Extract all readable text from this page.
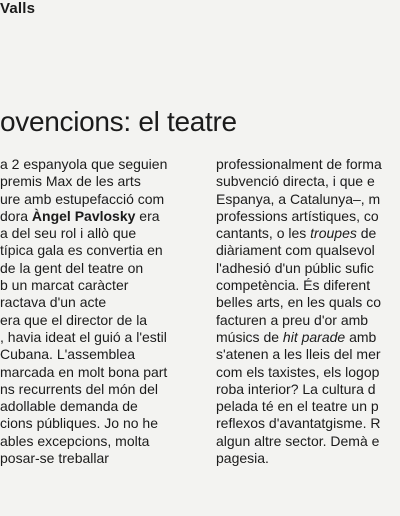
Valls
ovencions: el teatre
a 2 espanyola que seguien
premis Max de les arts
ure amb estupefacció com
dora Àngel Pavlosky era
a del seu rol i allò que
típica gala es convertia en
de la gent del teatre on
b un marcat caràcter
ractava d'un acte
era que el director de la
, havia ideat el guió a l'estil
Cubana. L'assemblea
marcada en molt bona part
ns recurrents del món del
adollable demanda de
cions públiques. Jo no he
ables excepcions, molta
posar-se treballar
professionalment de forma
subvenció directa, i que e
Espanya, a Catalunya–, m
professions artístiques, co
cantants, o les troupes de
diàriament com qualsevol
l'adhesió d'un públic sufic
competència. És diferent
belles arts, en les quals co
facturen a preu d'or amb
músics de hit parade amb
s'atenen a les lleis del mer
com els taxistes, els logop
roba interior? La cultura d
pelada té en el teatre un p
reflexos d'avantatgisme. R
algun altre sector. Demà e
pagesia.
